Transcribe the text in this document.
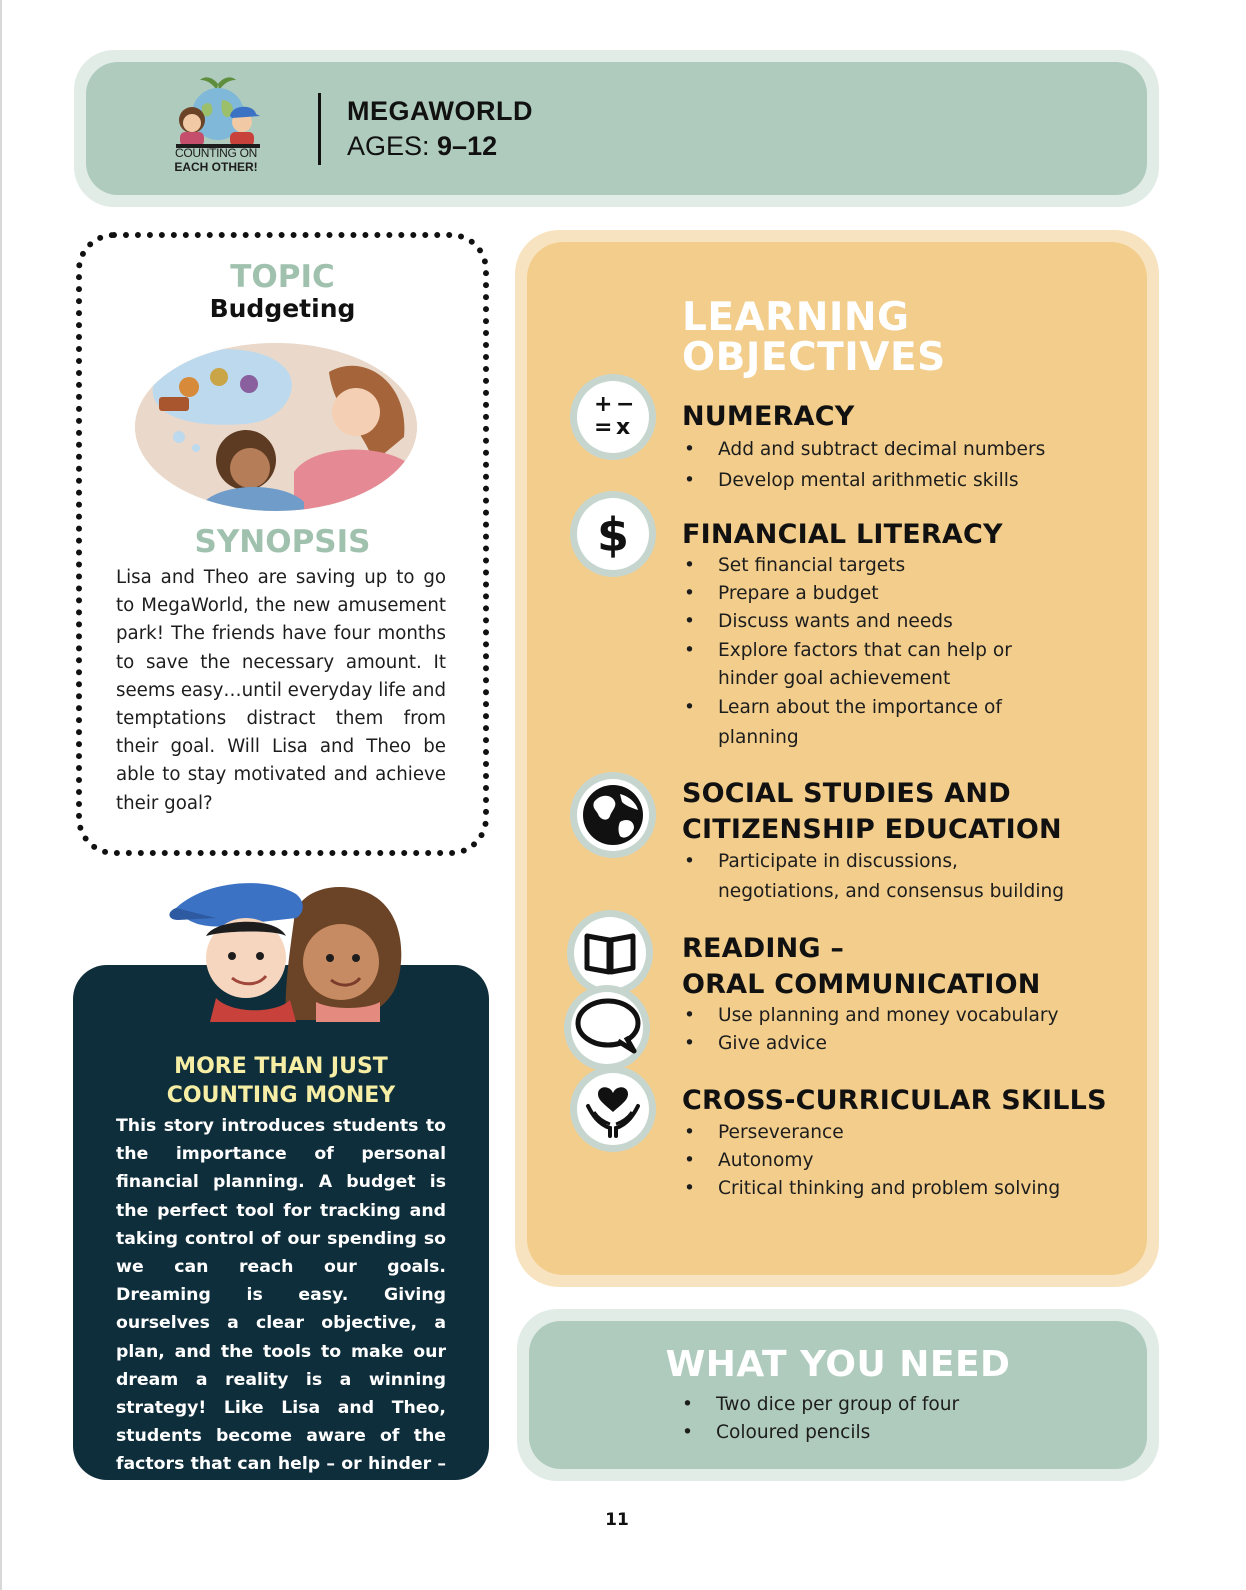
COUNTING ON
EACH OTHER!
MEGAWORLD
AGES: 9–12
TOPIC
Budgeting
SYNOPSIS

Lisa and Theo are saving up to go to MegaWorld, the new amusement park! The friends have four months to save the necessary amount. It seems easy…until everyday life and temptations distract them from their goal. Will Lisa and Theo be able to stay motivated and achieve their goal?

MORE THAN JUST
COUNTING MONEY

This story introduces students to the importance of personal financial planning. A budget is the perfect tool for tracking and taking control of our spending so we can reach our goals. Dreaming is easy. Giving ourselves a clear objective, a plan, and the tools to make our dream a reality is a winning strategy! Like Lisa and Theo, students become aware of the factors that can help – or hinder – them in achieving their goals.

LEARNING
OBJECTIVES
+ −
= x NUMERACY
• Add and subtract decimal numbers
• Develop mental arithmetic skills
$ FINANCIAL LITERACY
• Set financial targets
• Prepare a budget
• Discuss wants and needs
• Explore factors that can help or hinder goal achievement
• Learn about the importance of planning
SOCIAL STUDIES AND
CITIZENSHIP EDUCATION
• Participate in discussions, negotiations, and consensus building
READING –
ORAL COMMUNICATION
• Use planning and money vocabulary
• Give advice
CROSS-CURRICULAR SKILLS
• Perseverance
• Autonomy
• Critical thinking and problem solving
WHAT YOU NEED
• Two dice per group of four
• Coloured pencils
11
